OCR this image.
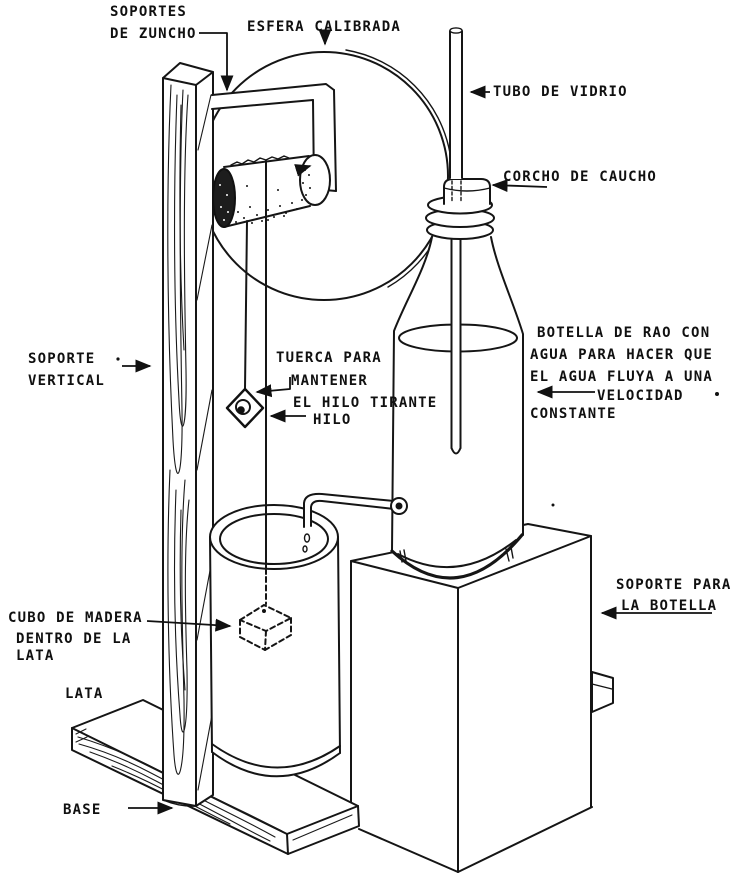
SOPORTES
DE ZUNCHO	ESFERA CALIBRADA
TUBO DE VIDRIO
CORCHO DE CAUCHO
SOPORTE
VERTICAL
TUERCA PARA
MANTENER
EL HILO TIRANTE
HILO
BOTELLA DE RAO CON
AGUA PARA HACER QUE
EL AGUA FLUYA A UNA
VELOCIDAD
CONSTANTE
SOPORTE PARA
LA BOTELLA
CUBO DE MADERA
DENTRO DE LA
LATA
LATA
BASE
